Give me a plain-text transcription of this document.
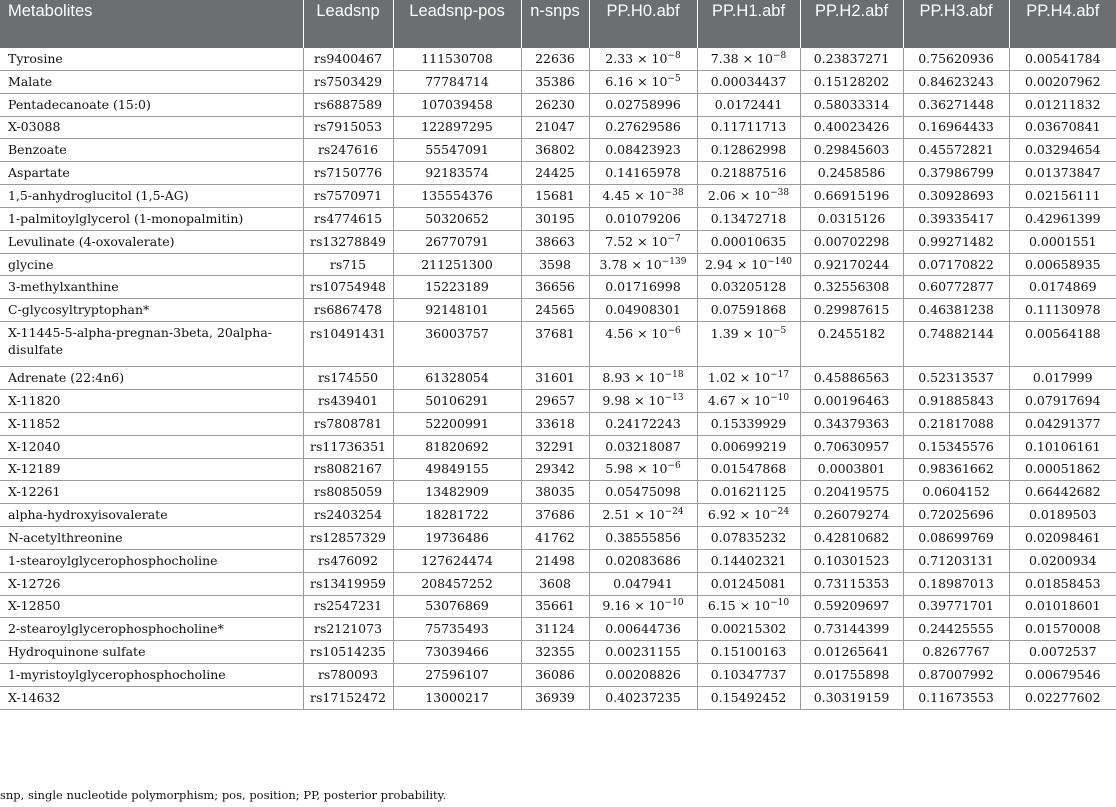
Metabolites	Leadsnp	Leadsnp-pos	n-snps	PP.H0.abf	PP.H1.abf	PP.H2.abf	PP.H3.abf	PP.H4.abf
Tyrosine	rs9400467	111530708	22636	$2.33 \times 10^{-8}$	$7.38 \times 10^{-8}$	0.23837271	0.75620936	0.00541784
Malate	rs7503429	77784714	35386	$6.16 \times 10^{-5}$	0.00034437	0.15128202	0.84623243	0.00207962
Pentadecanoate (15:0)	rs6887589	107039458	26230	0.02758996	0.0172441	0.58033314	0.36271448	0.01211832
X-03088	rs7915053	122897295	21047	0.27629586	0.11711713	0.40023426	0.16964433	0.03670841
Benzoate	rs247616	55547091	36802	0.08423923	0.12862998	0.29845603	0.45572821	0.03294654
Aspartate	rs7150776	92183574	24425	0.14165978	0.21887516	0.2458586	0.37986799	0.01373847
1,5-anhydroglucitol (1,5-AG)	rs7570971	135554376	15681	$4.45 \times 10^{-38}$	$2.06 \times 10^{-38}$	0.66915196	0.30928693	0.02156111
1-palmitoylglycerol (1-monopalmitin)	rs4774615	50320652	30195	0.01079206	0.13472718	0.0315126	0.39335417	0.42961399
Levulinate (4-oxovalerate)	rs13278849	26770791	38663	$7.52 \times 10^{-7}$	0.00010635	0.00702298	0.99271482	0.0001551
glycine	rs715	211251300	3598	$3.78 \times 10^{-139}$	$2.94 \times 10^{-140}$	0.92170244	0.07170822	0.00658935
3-methylxanthine	rs10754948	15223189	36656	0.01716998	0.03205128	0.32556308	0.60772877	0.0174869
C-glycosyltryptophan*	rs6867478	92148101	24565	0.04908301	0.07591868	0.29987615	0.46381238	0.11130978
X-11445-5-alpha-pregnan-3beta, 20alpha-disulfate	rs10491431	36003757	37681	$4.56 \times 10^{-6}$	$1.39 \times 10^{-5}$	0.2455182	0.74882144	0.00564188
Adrenate (22:4n6)	rs174550	61328054	31601	$8.93 \times 10^{-18}$	$1.02 \times 10^{-17}$	0.45886563	0.52313537	0.017999
X-11820	rs439401	50106291	29657	$9.98 \times 10^{-13}$	$4.67 \times 10^{-10}$	0.00196463	0.91885843	0.07917694
X-11852	rs7808781	52200991	33618	0.24172243	0.15339929	0.34379363	0.21817088	0.04291377
X-12040	rs11736351	81820692	32291	0.03218087	0.00699219	0.70630957	0.15345576	0.10106161
X-12189	rs8082167	49849155	29342	$5.98 \times 10^{-6}$	0.01547868	0.0003801	0.98361662	0.00051862
X-12261	rs8085059	13482909	38035	0.05475098	0.01621125	0.20419575	0.0604152	0.66442682
alpha-hydroxyisovalerate	rs2403254	18281722	37686	$2.51 \times 10^{-24}$	$6.92 \times 10^{-24}$	0.26079274	0.72025696	0.0189503
N-acetylthreonine	rs12857329	19736486	41762	0.38555856	0.07835232	0.42810682	0.08699769	0.02098461
1-stearoylglycerophosphocholine	rs476092	127624474	21498	0.02083686	0.14402321	0.10301523	0.71203131	0.0200934
X-12726	rs13419959	208457252	3608	0.047941	0.01245081	0.73115353	0.18987013	0.01858453
X-12850	rs2547231	53076869	35661	$9.16 \times 10^{-10}$	$6.15 \times 10^{-10}$	0.59209697	0.39771701	0.01018601
2-stearoylglycerophosphocholine*	rs2121073	75735493	31124	0.00644736	0.00215302	0.73144399	0.24425555	0.01570008
Hydroquinone sulfate	rs10514235	73039466	32355	0.00231155	0.15100163	0.01265641	0.8267767	0.0072537
1-myristoylglycerophosphocholine	rs780093	27596107	36086	0.00208826	0.10347737	0.01755898	0.87007992	0.00679546
X-14632	rs17152472	13000217	36939	0.40237235	0.15492452	0.30319159	0.11673553	0.02277602
snp, single nucleotide polymorphism; pos, position; PP, posterior probability.
